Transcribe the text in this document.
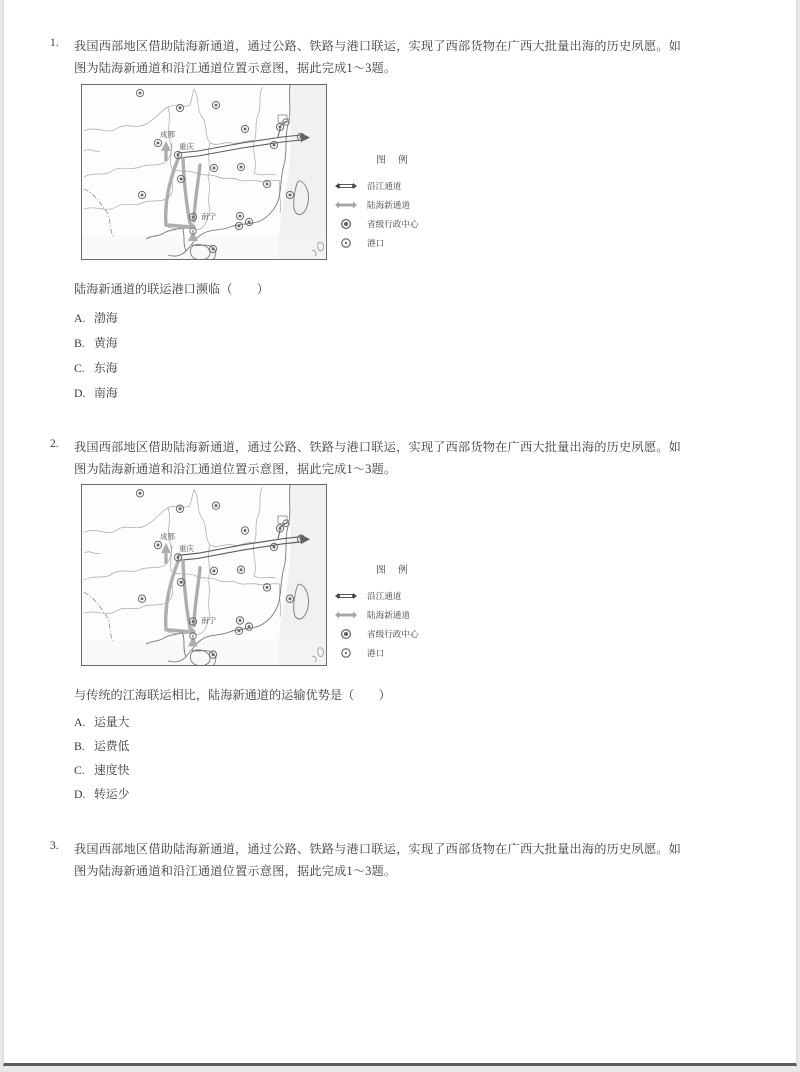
1. 我国西部地区借助陆海新通道，通过公路、铁路与港口联运，实现了西部货物在广西大批量出海的历史夙愿。如
图为陆海新通道和沿江通道位置示意图，据此完成1～3题。
成都
重庆
南宁
图 例
沿江通道
陆海新通道
省级行政中心
港口
陆海新通道的联运港口濒临（　　）
A. 渤海
B. 黄海
C. 东海
D. 南海
2. 我国西部地区借助陆海新通道，通过公路、铁路与港口联运，实现了西部货物在广西大批量出海的历史夙愿。如
图为陆海新通道和沿江通道位置示意图，据此完成1～3题。
成都
重庆
南宁
图 例
沿江通道
陆海新通道
省级行政中心
港口
与传统的江海联运相比，陆海新通道的运输优势是（　　）
A. 运量大
B. 运费低
C. 速度快
D. 转运少
3. 我国西部地区借助陆海新通道，通过公路、铁路与港口联运，实现了西部货物在广西大批量出海的历史夙愿。如
图为陆海新通道和沿江通道位置示意图，据此完成1～3题。
